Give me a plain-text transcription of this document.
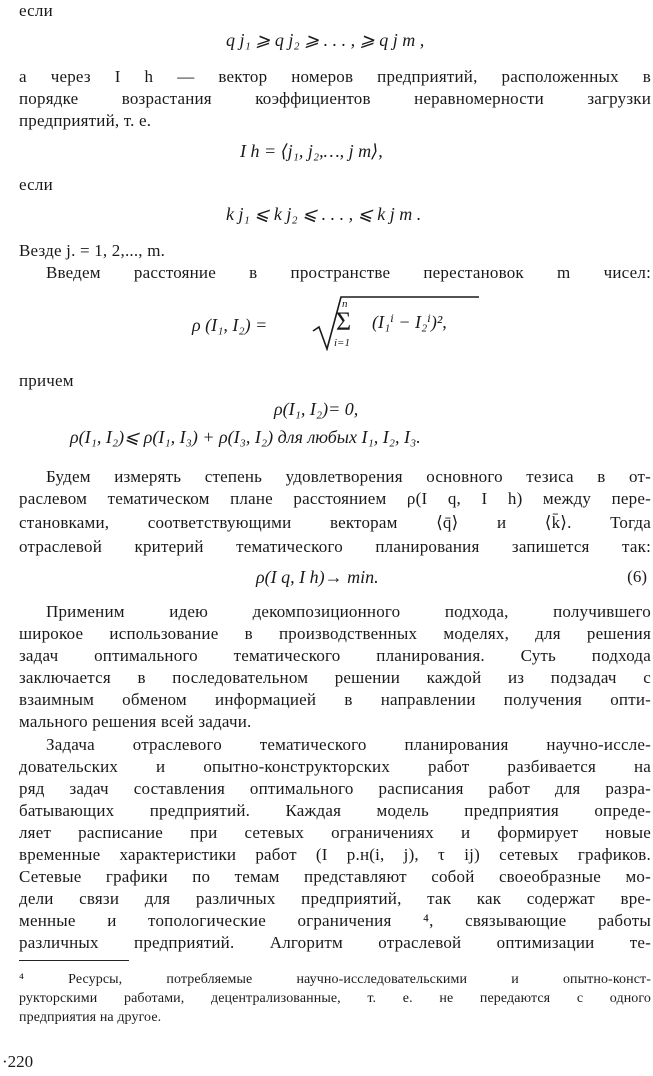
если
q j₁ ⩾ q j₂ ⩾ . . . , ⩾ q j m ,
а через I h — вектор номеров предприятий, расположенных в
порядке возрастания коэффициентов неравномерности загрузки
предприятий, т. е.
I h = ⟨j₁, j₂,…, j m⟩,
если
k j₁ ⩽ k j₂ ⩽ . . . , ⩽ k j m .
Везде j. = 1, 2,..., m.
Введем расстояние в пространстве перестановок m чисел:
ρ (I₁, I₂) =
n
Σ
i=1
(I₁ⁱ − I₂ⁱ)²,
причем
ρ(I₁, I₂)= 0,
ρ(I₁, I₂)⩽ ρ(I₁, I₃) + ρ(I₃, I₂) для любых I₁, I₂, I₃.
Будем измерять степень удовлетворения основного тезиса в от-
раслевом тематическом плане расстоянием ρ(I q, I h) между пере-
становками, соответствующими векторам ⟨q̄⟩ и ⟨k̄⟩. Тогда
отраслевой критерий тематического планирования запишется так:
ρ(I q, I h)→ min.	(6)
Применим идею декомпозиционного подхода, получившего
широкое использование в производственных моделях, для решения
задач оптимального тематического планирования. Суть подхода
заключается в последовательном решении каждой из подзадач с
взаимным обменом информацией в направлении получения опти-
мального решения всей задачи.
Задача отраслевого тематического планирования научно-иссле-
довательских и опытно-конструкторских работ разбивается на
ряд задач составления оптимального расписания работ для разра-
батывающих предприятий. Каждая модель предприятия опреде-
ляет расписание при сетевых ограничениях и формирует новые
временные характеристики работ (I р.н(i, j), τ ij) сетевых графиков.
Сетевые графики по темам представляют собой своеобразные мо-
дели связи для различных предприятий, так как содержат вре-
менные и топологические ограничения ⁴, связывающие работы
различных предприятий. Алгоритм отраслевой оптимизации те-
⁴ Ресурсы, потребляемые научно-исследовательскими и опытно-конст-
рукторскими работами, децентрализованные, т. е. не передаются с одного
предприятия на другое.
·220
